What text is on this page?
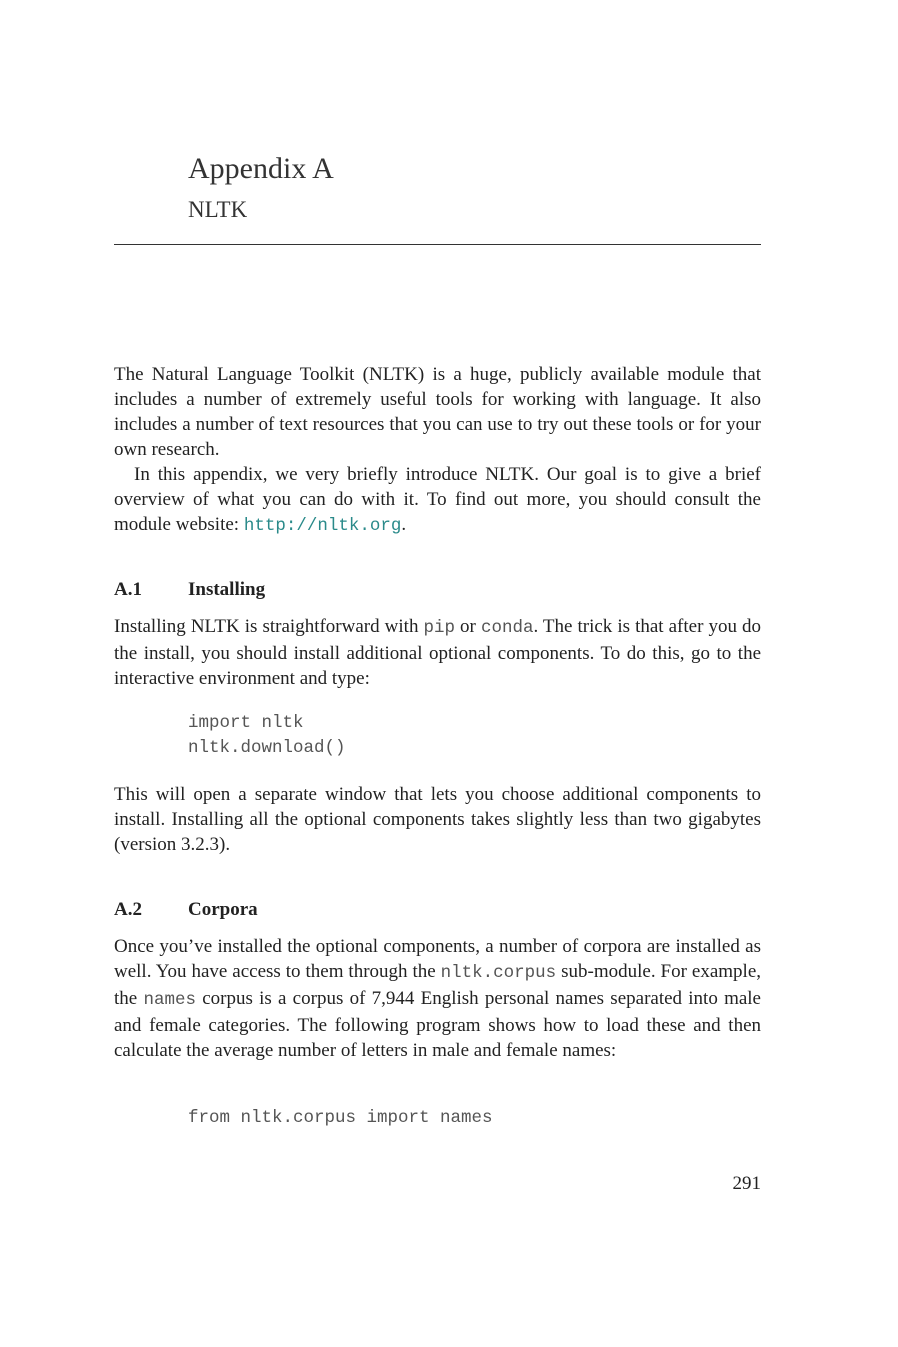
Appendix A
NLTK

The Natural Language Toolkit (NLTK) is a huge, publicly available module that includes a number of extremely useful tools for working with language. It also includes a number of text resources that you can use to try out these tools or for your own research.

In this appendix, we very briefly introduce NLTK. Our goal is to give a brief overview of what you can do with it. To find out more, you should consult the module website: http://nltk.org.

A.1 Installing

Installing NLTK is straightforward with pip or conda. The trick is that after you do the install, you should install additional optional components. To do this, go to the interactive environment and type:

import nltk
nltk.download()

This will open a separate window that lets you choose additional components to install. Installing all the optional components takes slightly less than two gigabytes (version 3.2.3).

A.2 Corpora

Once you’ve installed the optional components, a number of corpora are installed as well. You have access to them through the nltk.corpus sub-module. For example, the names corpus is a corpus of 7,944 English personal names separated into male and female categories. The following program shows how to load these and then calculate the average number of letters in male and female names:

from nltk.corpus import names
291
